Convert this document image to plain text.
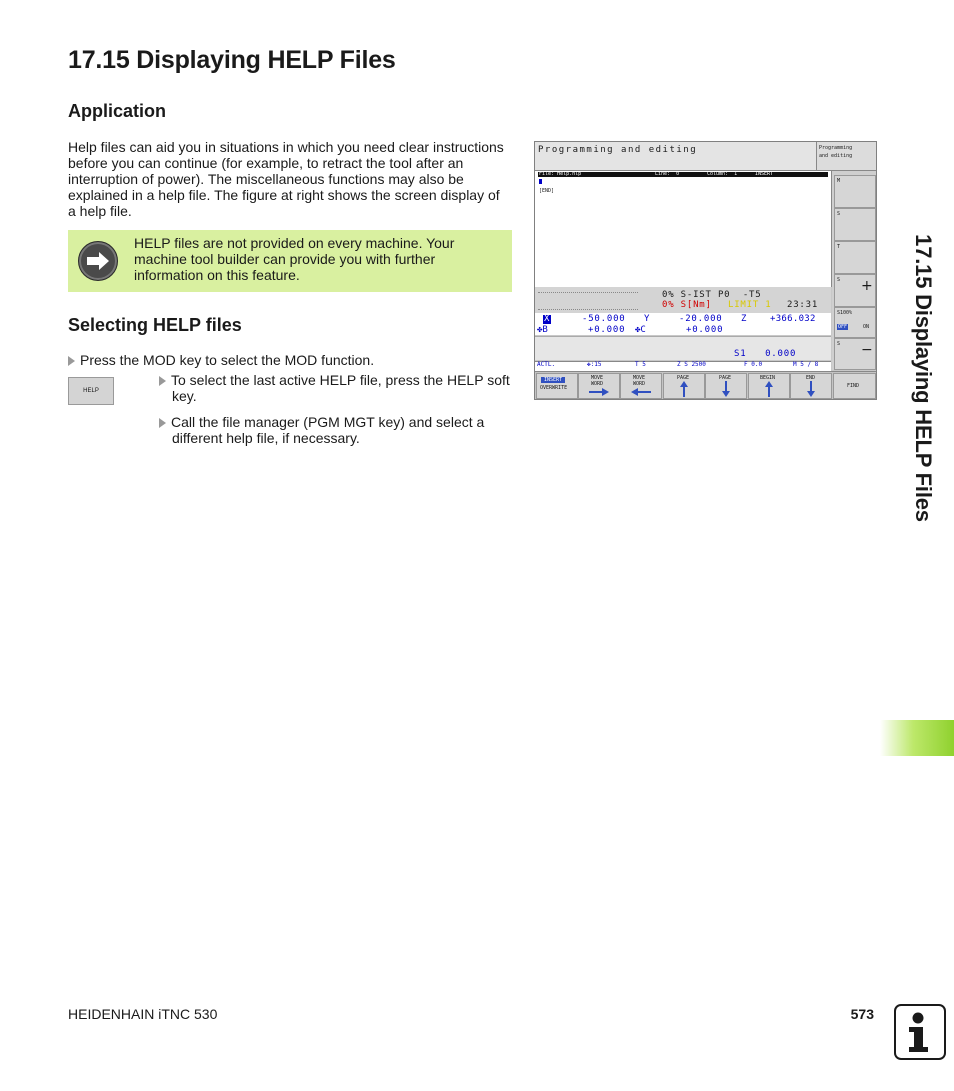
17.15 Displaying HELP Files
Application
Help files can aid you in situations in which you need clear instructions
before you can continue (for example, to retract the tool after an
interruption of power). The miscellaneous functions may also be
explained in a help file. The figure at right shows the screen display of
a help file.
HELP files are not provided on every machine. Your
machine tool builder can provide you with further
information on this feature.
Selecting HELP files
Press the MOD key to select the MOD function.
HELP
To select the last active HELP file, press the HELP soft
key.
Call the file manager (PGM MGT key) and select a
different help file, if necessary.
Programming and editing	Programming
and editing
File: Help.hlp	Line:  0	Column:  1	INSERT
[END]
0% S-IST P0  -T5
0% S[Nm] LIMIT 1 23:31
X	-50.000 Y	-20.000 Z	+366.032
✤B	+0.000 ✤C	+0.000
S1   0.000
ACTL.	✤:15	T 5	Z S 2500	F 0.0	M 5 / 8
M
S
T
S +
S100%
OFF	ON
S −
INSERT
OVERWRITE
MOVE
WORD
MOVE
WORD
PAGE	PAGE	BEGIN	END
FIND 17.15 Displaying HELP Files
HEIDENHAIN iTNC 530	573
